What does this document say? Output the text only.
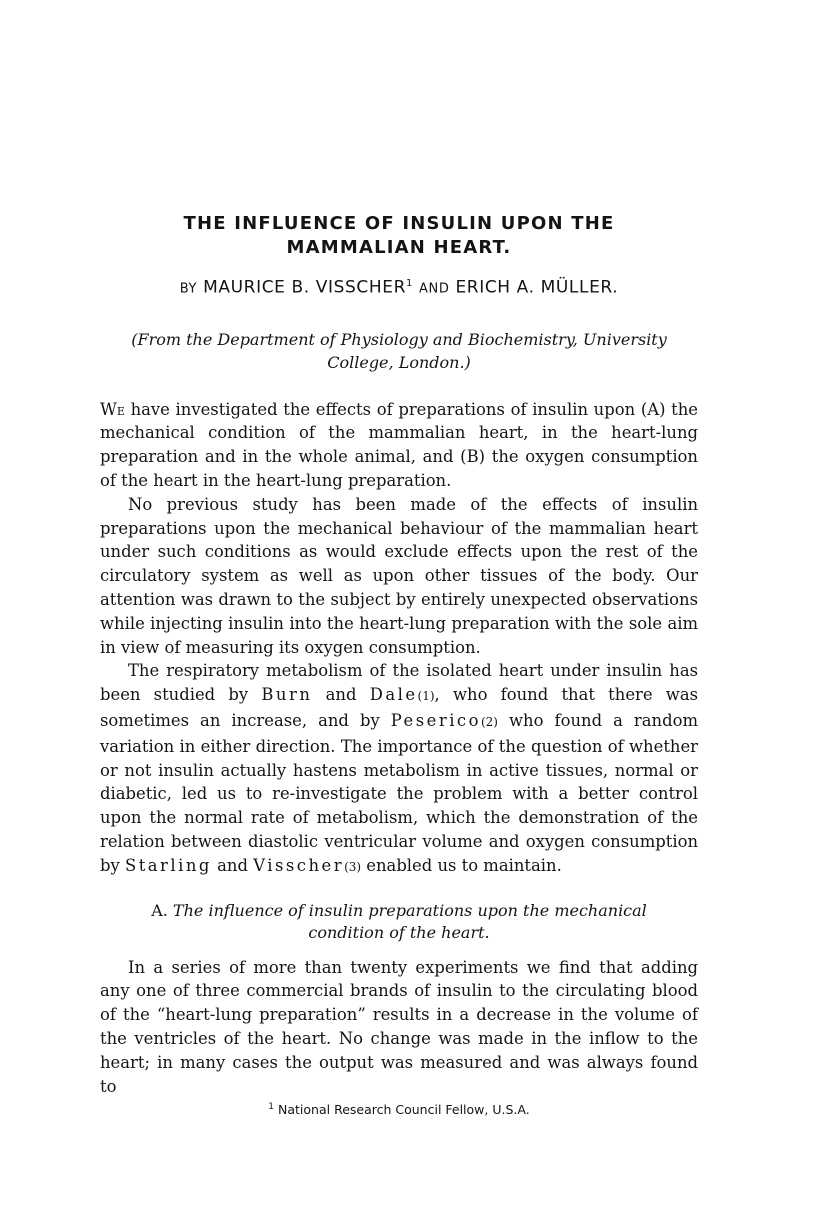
THE INFLUENCE OF INSULIN UPON THE
MAMMALIAN HEART.
BY MAURICE B. VISSCHER$^1$ AND ERICH A. MÜLLER.
(From the Department of Physiology and Biochemistry, University
College, London.)

We have investigated the effects of preparations of insulin upon (A) the mechanical condition of the mammalian heart, in the heart-lung preparation and in the whole animal, and (B) the oxygen consumption of the heart in the heart-lung preparation.

No previous study has been made of the effects of insulin preparations upon the mechanical behaviour of the mammalian heart under such conditions as would exclude effects upon the rest of the circulatory system as well as upon other tissues of the body. Our attention was drawn to the subject by entirely unexpected observations while injecting insulin into the heart-lung preparation with the sole aim in view of measuring its oxygen consumption.

The respiratory metabolism of the isolated heart under insulin has been studied by Burn and Dale(1), who found that there was sometimes an increase, and by Peserico(2) who found a random variation in either direction. The importance of the question of whether or not insulin actually hastens metabolism in active tissues, normal or diabetic, led us to re-investigate the problem with a better control upon the normal rate of metabolism, which the demonstration of the relation between diastolic ventricular volume and oxygen consumption by Starling and Visscher(3) enabled us to maintain.

A. The influence of insulin preparations upon the mechanical
condition of the heart.

In a series of more than twenty experiments we find that adding any one of three commercial brands of insulin to the circulating blood of the “heart-lung preparation” results in a decrease in the volume of the ventricles of the heart. No change was made in the inflow to the heart; in many cases the output was measured and was always found to

$^1$ National Research Council Fellow, U.S.A.
